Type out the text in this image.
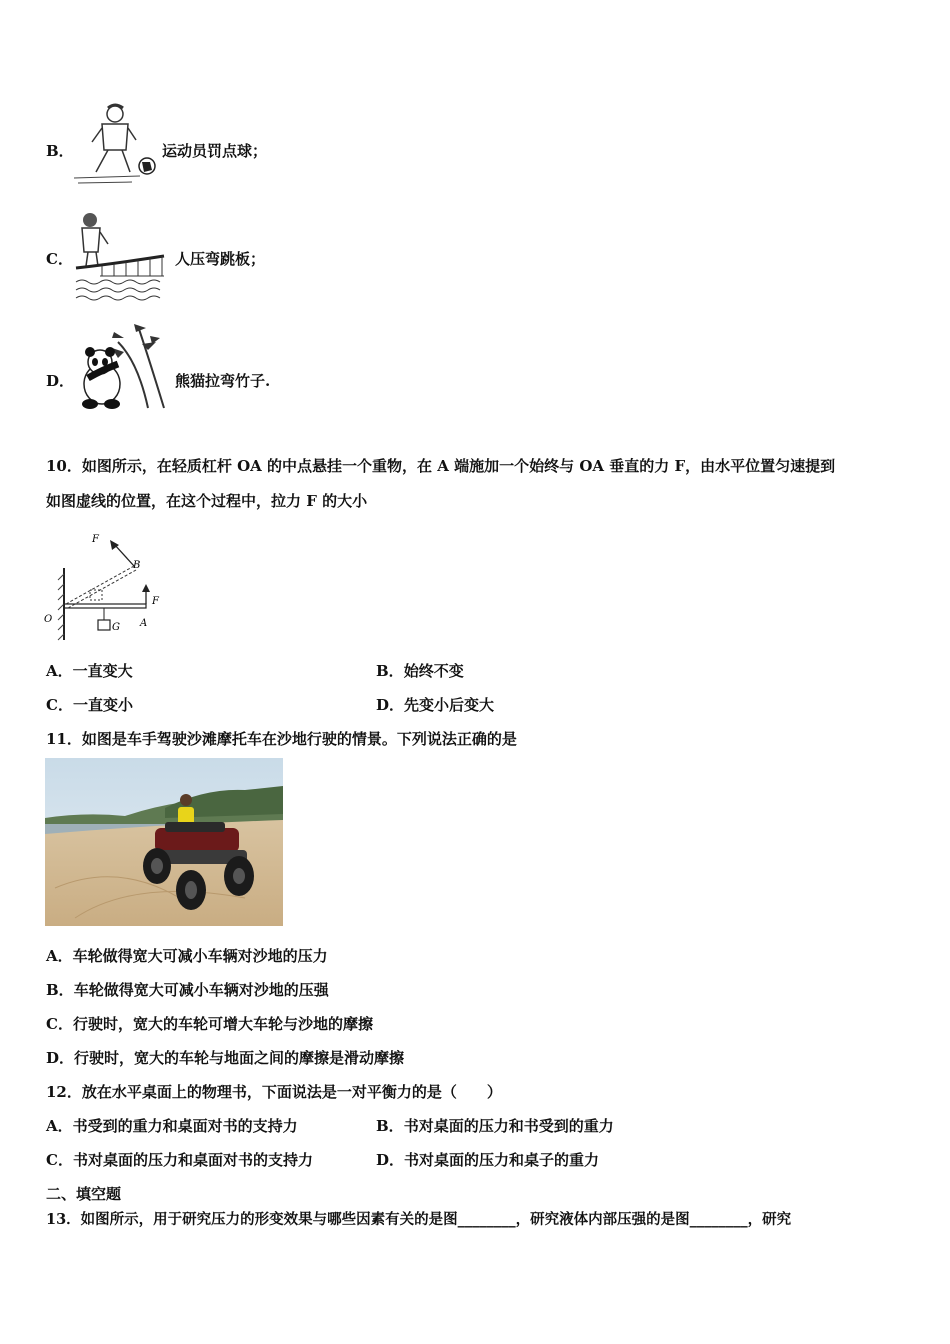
B．	运动员罚点球；
C．	人压弯跳板；
D．	熊猫拉弯竹子.
10．如图所示，在轻质杠杆 OA 的中点悬挂一个重物，在 A 端施加一个始终与 OA 垂直的力 F，由水平位置匀速提到
如图虚线的位置，在这个过程中，拉力 F 的大小
F
B
O
F
A
G
A．一直变大	B．始终不变
C．一直变小	D．先变小后变大
11．如图是车手驾驶沙滩摩托车在沙地行驶的情景。下列说法正确的是
A．车轮做得宽大可减小车辆对沙地的压力
B．车轮做得宽大可减小车辆对沙地的压强
C．行驶时，宽大的车轮可增大车轮与沙地的摩擦
D．行驶时，宽大的车轮与地面之间的摩擦是滑动摩擦
12．放在水平桌面上的物理书，下面说法是一对平衡力的是（　　）
A．书受到的重力和桌面对书的支持力	B．书对桌面的压力和书受到的重力
C．书对桌面的压力和桌面对书的支持力	D．书对桌面的压力和桌子的重力
二、填空题
13．如图所示，用于研究压力的形变效果与哪些因素有关的是图________，研究液体内部压强的是图________，研究
